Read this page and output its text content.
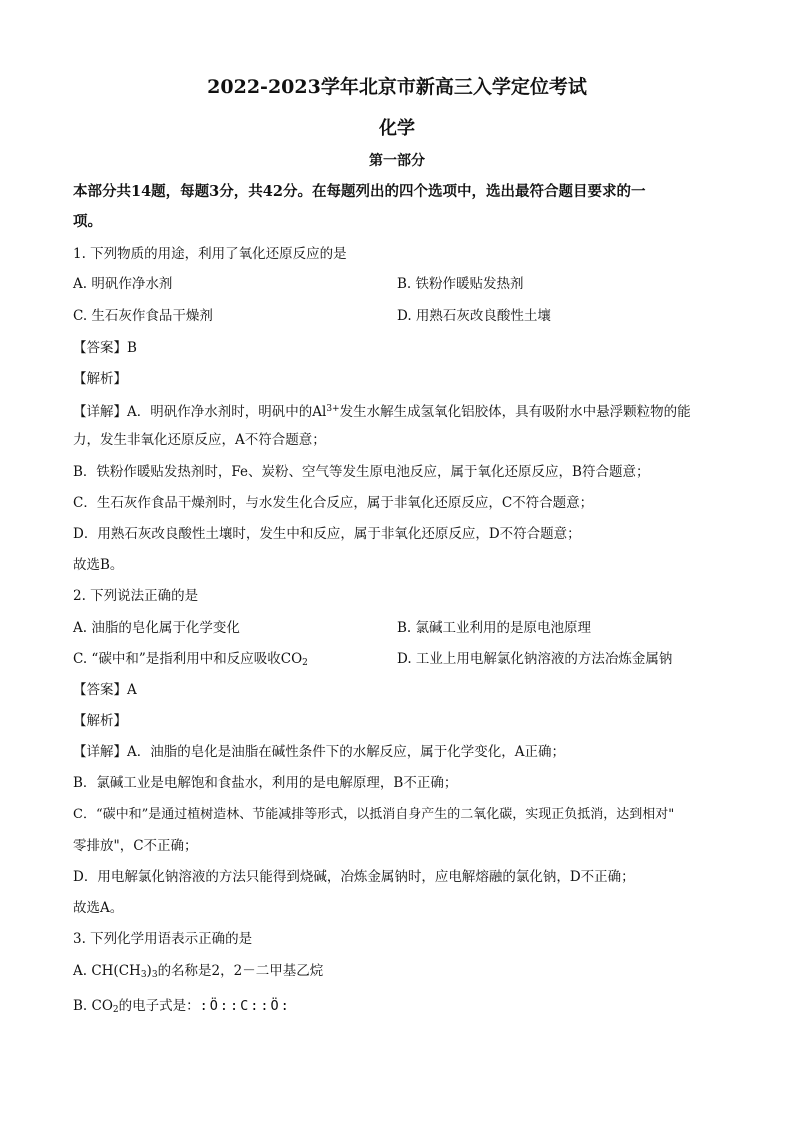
2022-2023学年北京市新高三入学定位考试
化学
第一部分
本部分共14题，每题3分，共42分。在每题列出的四个选项中，选出最符合题目要求的一
项。
1. 下列物质的用途，利用了氧化还原反应的是
A. 明矾作净水剂	B. 铁粉作暖贴发热剂
C. 生石灰作食品干燥剂	D. 用熟石灰改良酸性土壤
【答案】B
【解析】
【详解】A．明矾作净水剂时，明矾中的$Al^{3+}$发生水解生成氢氧化铝胶体，具有吸附水中悬浮颗粒物的能
力，发生非氧化还原反应，A不符合题意；
B．铁粉作暖贴发热剂时，Fe、炭粉、空气等发生原电池反应，属于氧化还原反应，B符合题意；
C．生石灰作食品干燥剂时，与水发生化合反应，属于非氧化还原反应，C不符合题意；
D．用熟石灰改良酸性土壤时，发生中和反应，属于非氧化还原反应，D不符合题意；
故选B。
2. 下列说法正确的是
A. 油脂的皂化属于化学变化	B. 氯碱工业利用的是原电池原理
C. “碳中和”是指利用中和反应吸收$CO_2$	D. 工业上用电解氯化钠溶液的方法冶炼金属钠
【答案】A
【解析】
【详解】A．油脂的皂化是油脂在碱性条件下的水解反应，属于化学变化，A正确；
B．氯碱工业是电解饱和食盐水，利用的是电解原理，B不正确；
C．“碳中和”是通过植树造林、节能减排等形式，以抵消自身产生的二氧化碳，实现正负抵消，达到相对"
零排放"，C不正确；
D．用电解氯化钠溶液的方法只能得到烧碱，冶炼金属钠时，应电解熔融的氯化钠，D不正确；
故选A。
3. 下列化学用语表示正确的是
A. $CH(CH_3)_3$的名称是2，2－二甲基乙烷
B. $CO_2$的电子式是：:Ö::C::Ö:
